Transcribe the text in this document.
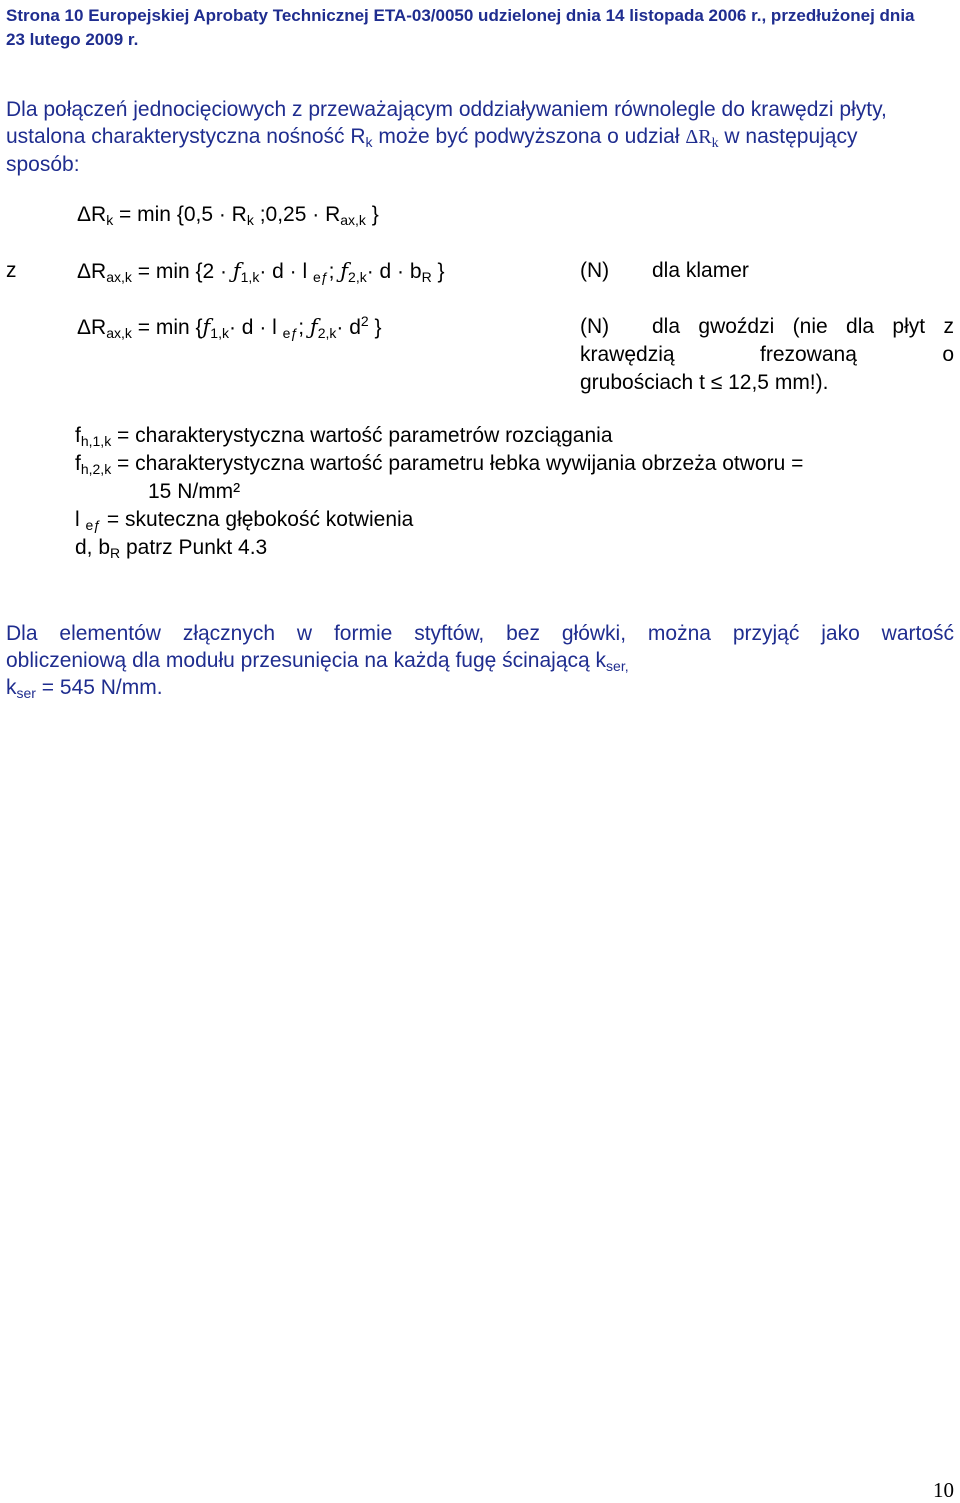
Strona 10 Europejskiej Aprobaty Technicznej ETA-03/0050 udzielonej dnia 14 listopada 2006 r., przedłużonej dnia
23 lutego 2009 r.
Dla połączeń jednocięciowych z przeważającym oddziaływaniem równolegle do krawędzi płyty,
ustalona charakterystyczna nośność $R_k$ może być podwyższona o udział $\Delta R_k$ w następujący
sposób:
$\Delta R_k = \min \{0,5 \cdot R_k$ ;0,25 · $R_{ax,k}$ }
z	$\Delta R_{ax,k} = \min \{2$ · $ƒ_{1,k}\cdot d \cdot l$ $_{eƒ}$; $ƒ_{2,k}\cdot d \cdot b_R$ }	(N) dla klamer
$\Delta R_{ax,k} = \min$ {$ƒ_{1,k}\cdot d \cdot l$ $_{eƒ}$; $ƒ_{2,k}\cdot d^2$ }	(N) dla gwoździ (nie dla płyt z
krawędzią frezowaną o
grubościach t ≤ 12,5 mm!).
$f_{h,1,k}$ = charakterystyczna wartość parametrów rozciągania
$f_{h,2,k}$ = charakterystyczna wartość parametru łebka wywijania obrzeża otworu =
15 N/mm²
l $_{eƒ}$ = skuteczna głębokość kotwienia
d, $b_R$ patrz Punkt 4.3
Dla elementów złącznych w formie styftów, bez główki, można przyjąć jako wartość
obliczeniową dla modułu przesunięcia na każdą fugę ścinającą $k_{ser,}$
$k_{ser} = 545$ N/mm.
10
